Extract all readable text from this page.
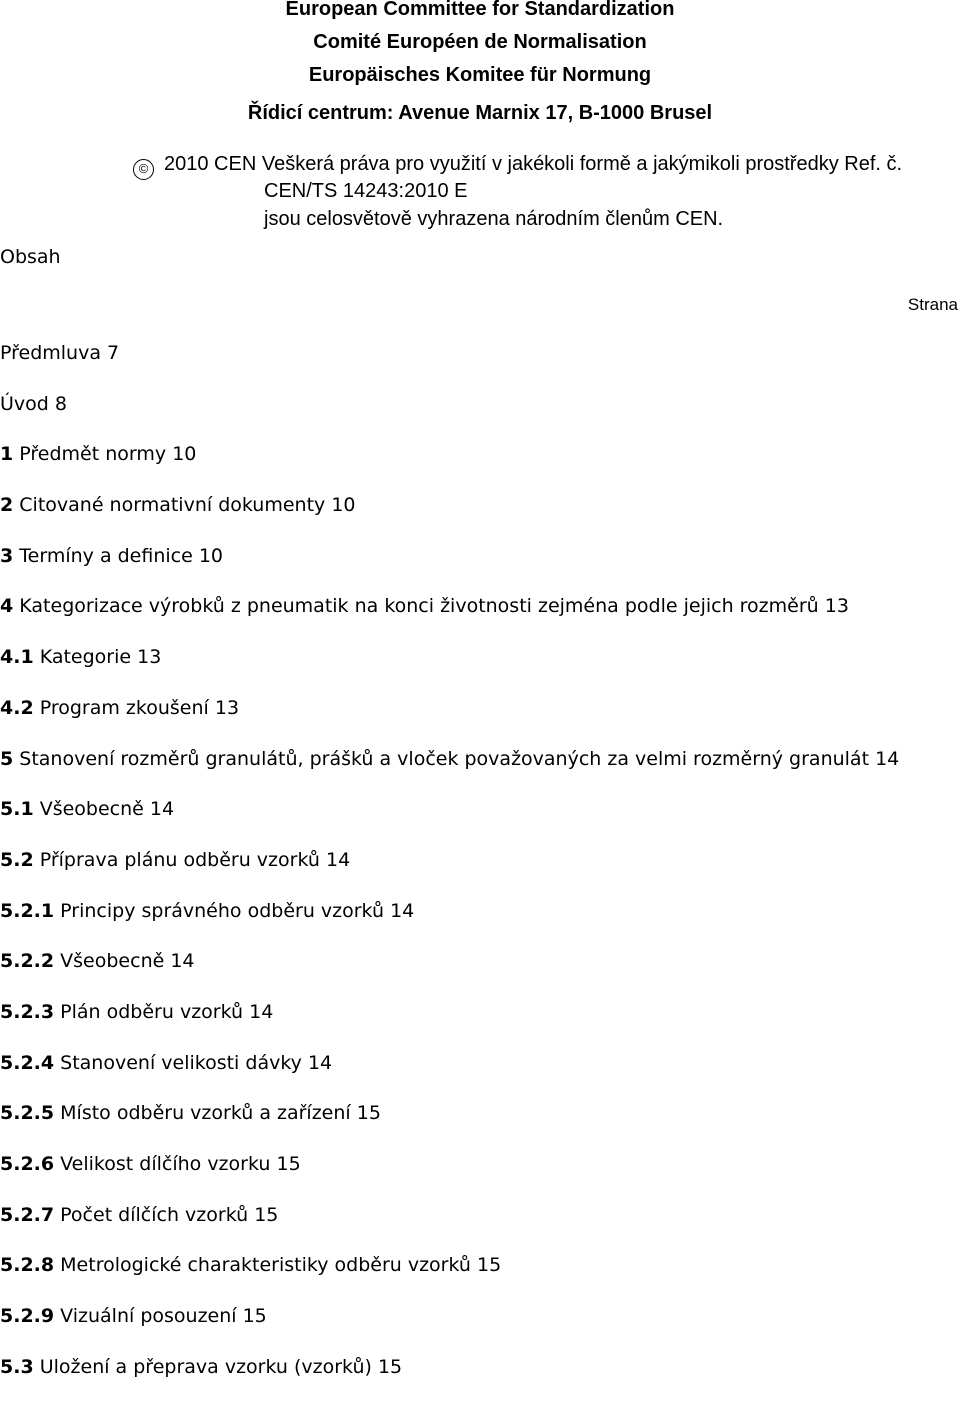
European Committee for Standardization
Comité Européen de Normalisation
Europäisches Komitee für Normung
Řídicí centrum: Avenue Marnix 17, B-1000 Brusel
© 2010 CEN Veškerá práva pro využití v jakékoli formě a jakýmikoli prostředky Ref. č.
CEN/TS 14243:2010 E
jsou celosvětově vyhrazena národním členům CEN.
Obsah
Strana
Předmluva 7
Úvod 8
1 Předmět normy 10
2 Citované normativní dokumenty 10
3 Termíny a definice 10
4 Kategorizace výrobků z pneumatik na konci životnosti zejména podle jejich rozměrů 13
4.1 Kategorie 13
4.2 Program zkoušení 13
5 Stanovení rozměrů granulátů, prášků a vloček považovaných za velmi rozměrný granulát 14
5.1 Všeobecně 14
5.2 Příprava plánu odběru vzorků 14
5.2.1 Principy správného odběru vzorků 14
5.2.2 Všeobecně 14
5.2.3 Plán odběru vzorků 14
5.2.4 Stanovení velikosti dávky 14
5.2.5 Místo odběru vzorků a zařízení 15
5.2.6 Velikost dílčího vzorku 15
5.2.7 Počet dílčích vzorků 15
5.2.8 Metrologické charakteristiky odběru vzorků 15
5.2.9 Vizuální posouzení 15
5.3 Uložení a přeprava vzorku (vzorků) 15
